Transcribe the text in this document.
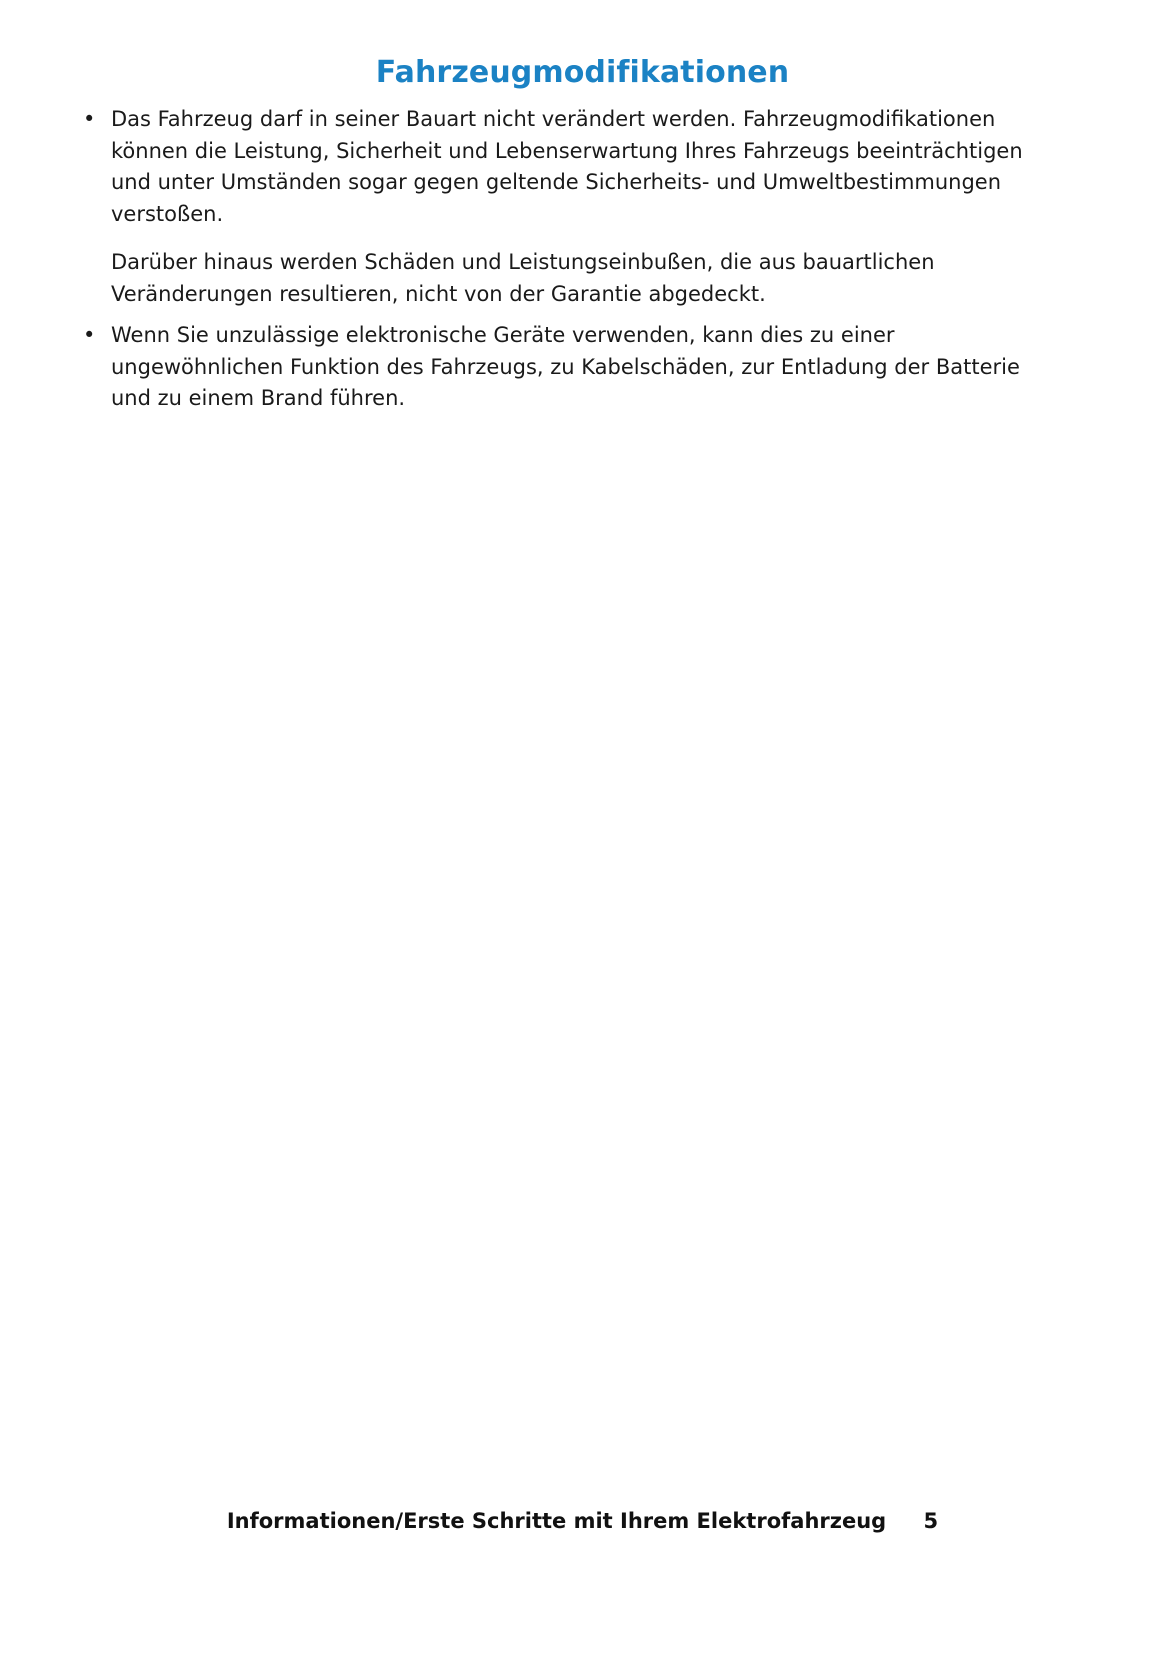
Fahrzeugmodifikationen
• Das Fahrzeug darf in seiner Bauart nicht verändert werden. Fahrzeugmodifikationen können die Leistung, Sicherheit und Lebenserwartung Ihres Fahrzeugs beeinträchtigen und unter Umständen sogar gegen geltende Sicherheits- und Umweltbestimmungen verstoßen.

Darüber hinaus werden Schäden und Leistungseinbußen, die aus bauartlichen Veränderungen resultieren, nicht von der Garantie abgedeckt.

• Wenn Sie unzulässige elektronische Geräte verwenden, kann dies zu einer ungewöhnlichen Funktion des Fahrzeugs, zu Kabelschäden, zur Entladung der Batterie und zu einem Brand führen.

Informationen/Erste Schritte mit Ihrem Elektrofahrzeug 5
